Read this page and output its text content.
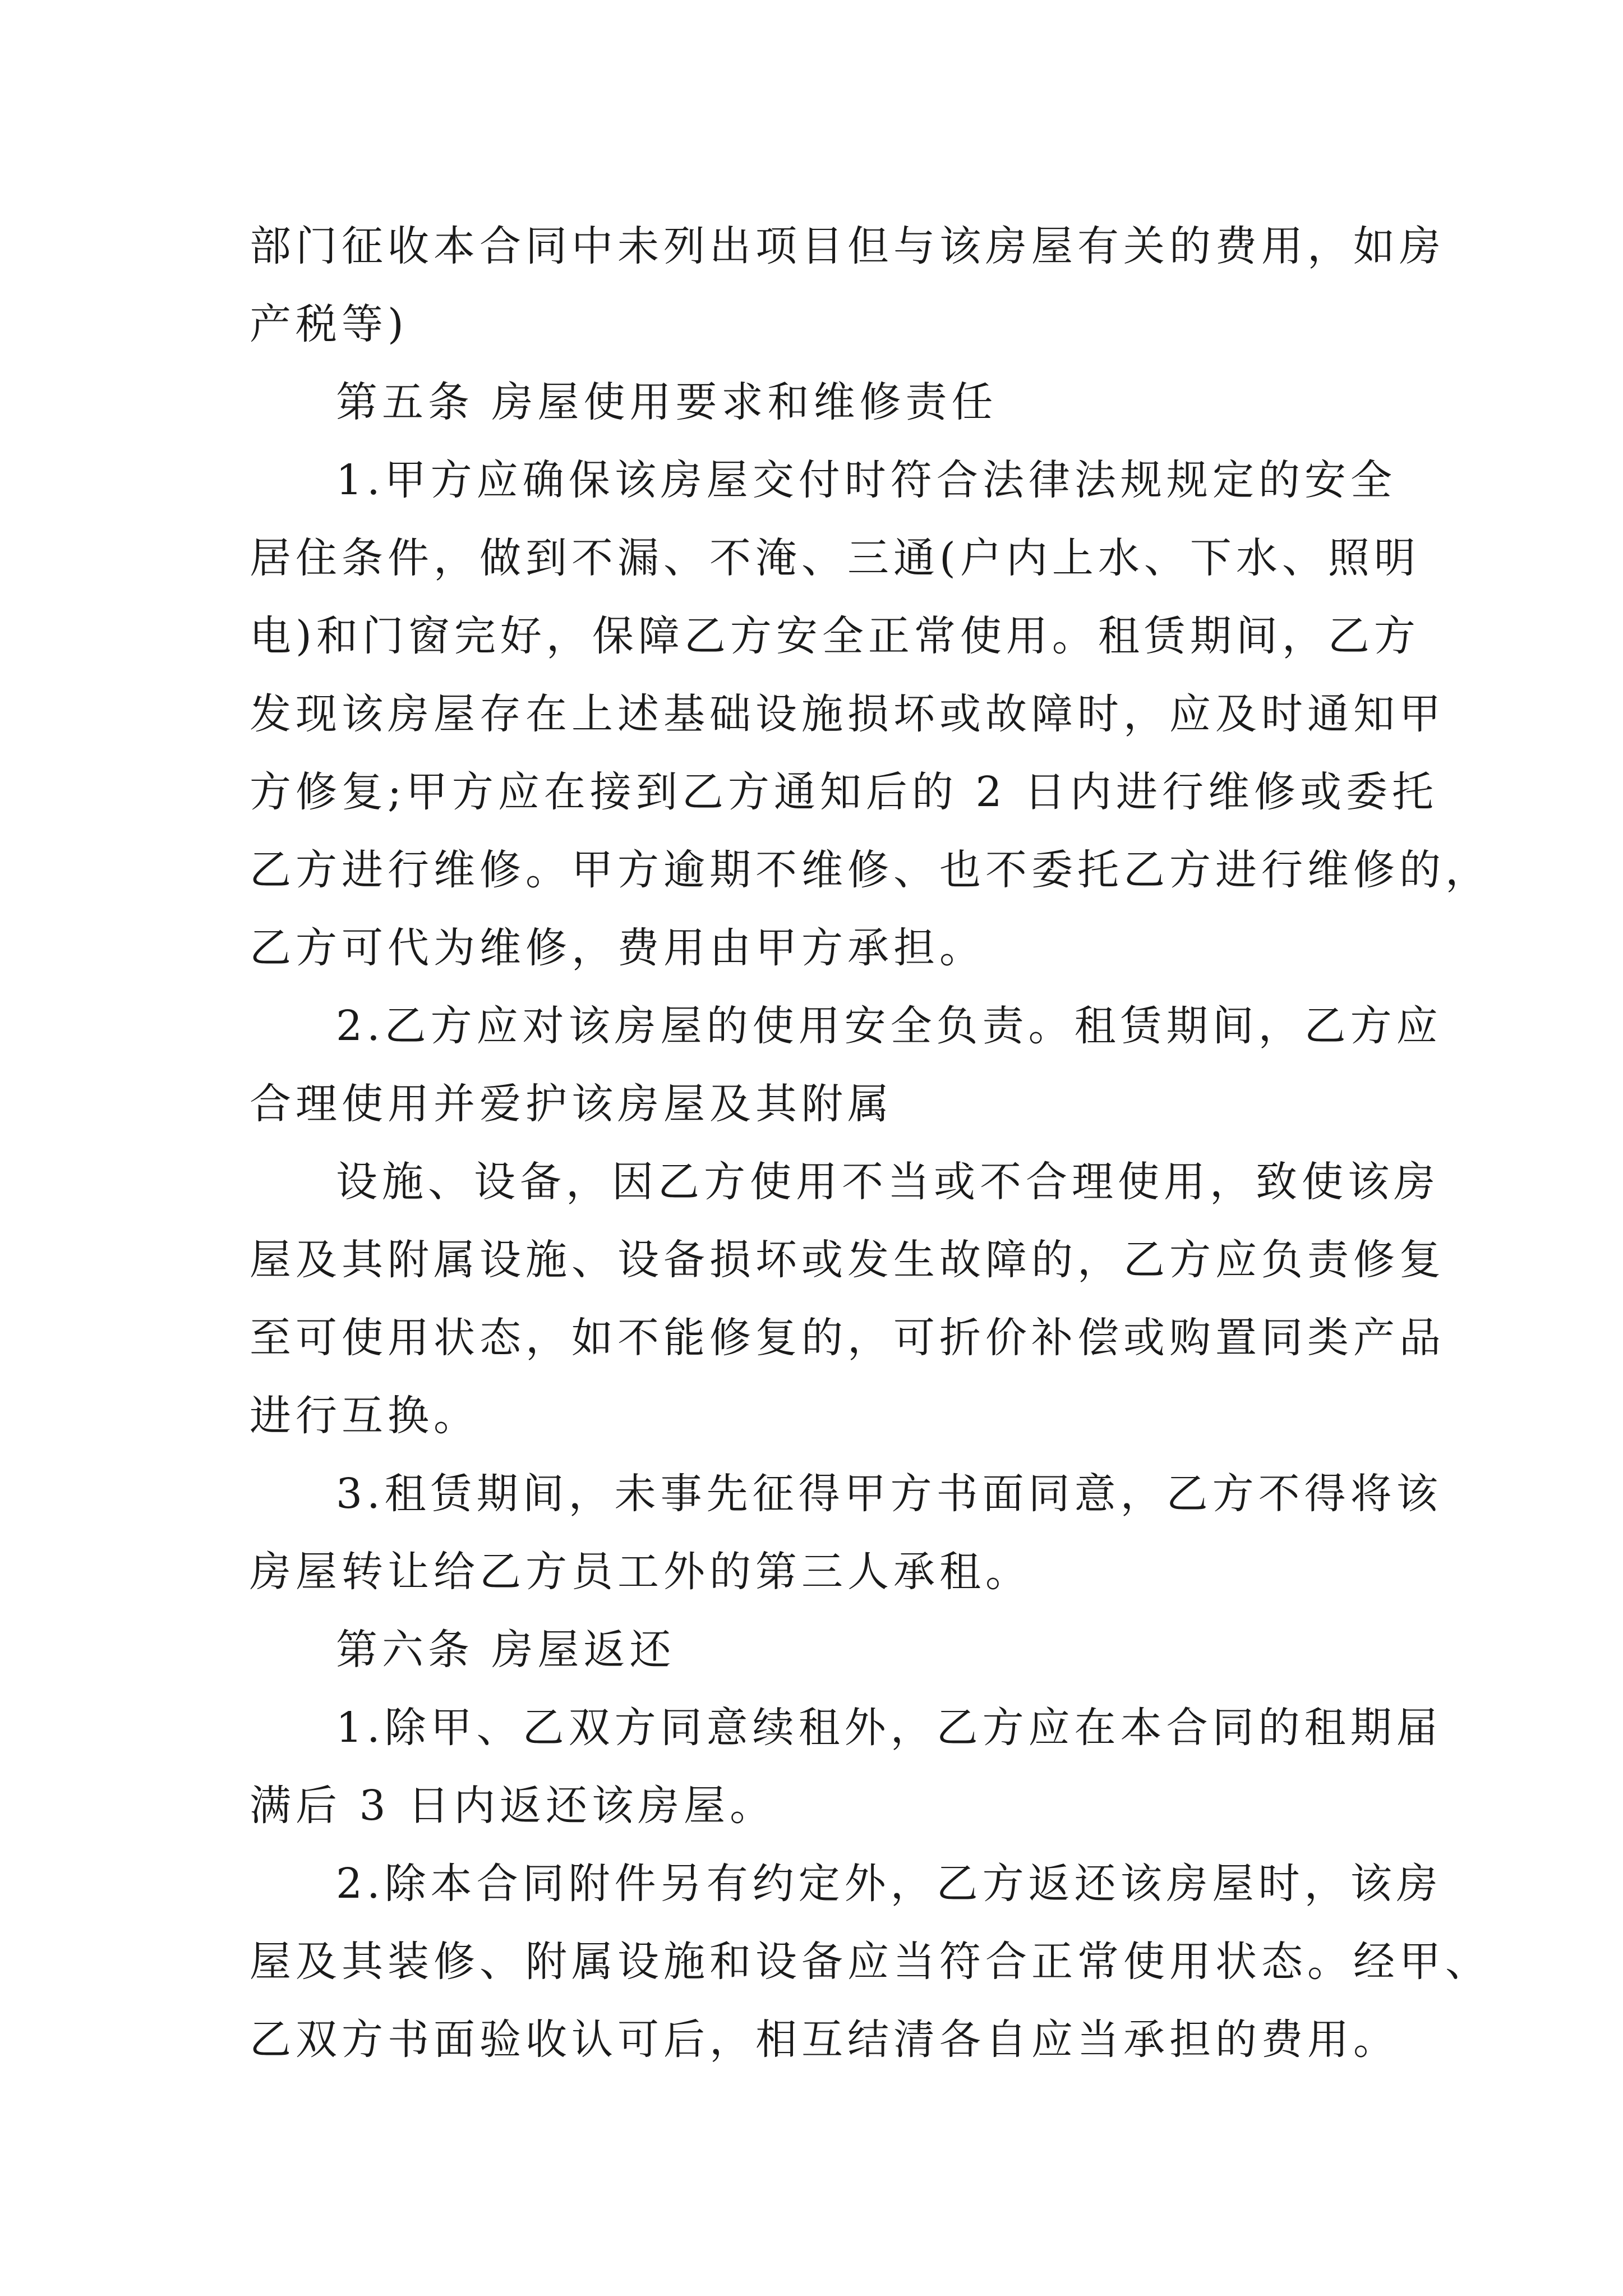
部门征收本合同中未列出项目但与该房屋有关的费用，如房
产税等)
第五条 房屋使用要求和维修责任
1.甲方应确保该房屋交付时符合法律法规规定的安全
居住条件，做到不漏、不淹、三通(户内上水、下水、照明
电)和门窗完好，保障乙方安全正常使用。租赁期间，乙方
发现该房屋存在上述基础设施损坏或故障时，应及时通知甲
方修复;甲方应在接到乙方通知后的 2 日内进行维修或委托
乙方进行维修。甲方逾期不维修、也不委托乙方进行维修的，
乙方可代为维修，费用由甲方承担。
2.乙方应对该房屋的使用安全负责。租赁期间，乙方应
合理使用并爱护该房屋及其附属
设施、设备，因乙方使用不当或不合理使用，致使该房
屋及其附属设施、设备损坏或发生故障的，乙方应负责修复
至可使用状态，如不能修复的，可折价补偿或购置同类产品
进行互换。
3.租赁期间，未事先征得甲方书面同意，乙方不得将该
房屋转让给乙方员工外的第三人承租。
第六条 房屋返还
1.除甲、乙双方同意续租外，乙方应在本合同的租期届
满后 3 日内返还该房屋。
2.除本合同附件另有约定外，乙方返还该房屋时，该房
屋及其装修、附属设施和设备应当符合正常使用状态。经甲、
乙双方书面验收认可后，相互结清各自应当承担的费用。
